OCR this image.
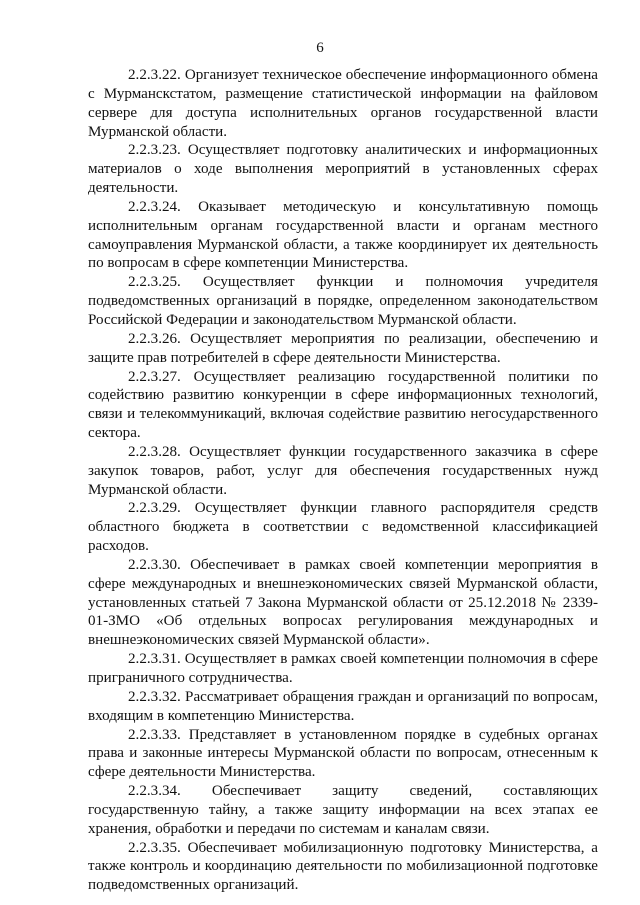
6

2.2.3.22. Организует техническое обеспечение информационного обмена с Мурманскстатом, размещение статистической информации на файловом сервере для доступа исполнительных органов государственной власти Мурманской области.

2.2.3.23. Осуществляет подготовку аналитических и информационных материалов о ходе выполнения мероприятий в установленных сферах деятельности.

2.2.3.24. Оказывает методическую и консультативную помощь исполнительным органам государственной власти и органам местного самоуправления Мурманской области, а также координирует их деятельность по вопросам в сфере компетенции Министерства.

2.2.3.25. Осуществляет функции и полномочия учредителя подведомственных организаций в порядке, определенном законодательством Российской Федерации и законодательством Мурманской области.

2.2.3.26. Осуществляет мероприятия по реализации, обеспечению и защите прав потребителей в сфере деятельности Министерства.

2.2.3.27. Осуществляет реализацию государственной политики по содействию развитию конкуренции в сфере информационных технологий, связи и телекоммуникаций, включая содействие развитию негосударственного сектора.

2.2.3.28. Осуществляет функции государственного заказчика в сфере закупок товаров, работ, услуг для обеспечения государственных нужд Мурманской области.

2.2.3.29. Осуществляет функции главного распорядителя средств областного бюджета в соответствии с ведомственной классификацией расходов.

2.2.3.30. Обеспечивает в рамках своей компетенции мероприятия в сфере международных и внешнеэкономических связей Мурманской области, установленных статьей 7 Закона Мурманской области от 25.12.2018 № 2339-01-ЗМО «Об отдельных вопросах регулирования международных и внешнеэкономических связей Мурманской области».

2.2.3.31. Осуществляет в рамках своей компетенции полномочия в сфере приграничного сотрудничества.

2.2.3.32. Рассматривает обращения граждан и организаций по вопросам, входящим в компетенцию Министерства.

2.2.3.33. Представляет в установленном порядке в судебных органах права и законные интересы Мурманской области по вопросам, отнесенным к сфере деятельности Министерства.

2.2.3.34. Обеспечивает защиту сведений, составляющих государственную тайну, а также защиту информации на всех этапах ее хранения, обработки и передачи по системам и каналам связи.

2.2.3.35. Обеспечивает мобилизационную подготовку Министерства, а также контроль и координацию деятельности по мобилизационной подготовке подведомственных организаций.
